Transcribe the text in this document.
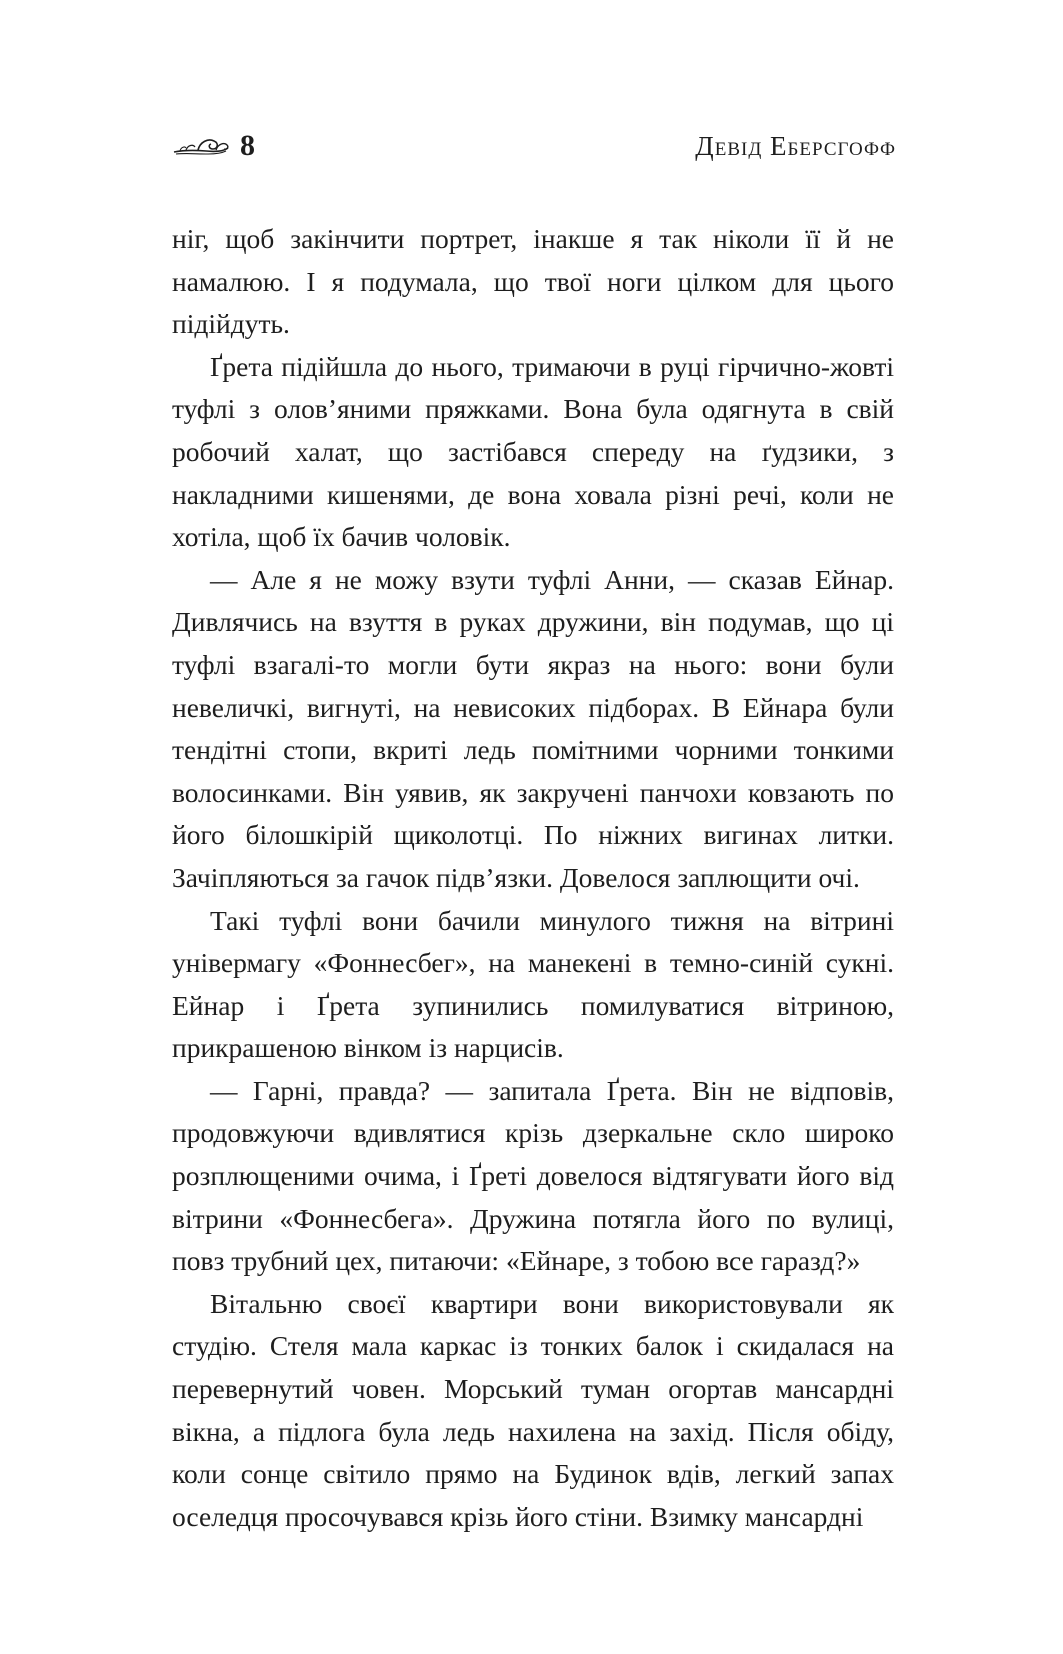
8	Девід Еберсгофф

ніг, щоб закінчити портрет, інакше я так ніколи її й не намалюю. І я подумала, що твої ноги цілком для цього підійдуть.

Ґрета підійшла до нього, тримаючи в руці гірчично-жовті туфлі з олов’яними пряжками. Вона була одягнута в свій робочий халат, що застібався спереду на ґудзики, з накладними кишенями, де вона ховала різні речі, коли не хотіла, щоб їх бачив чоловік.

— Але я не можу взути туфлі Анни, — сказав Ейнар. Дивлячись на взуття в руках дружини, він подумав, що ці туфлі взагалі-то могли бути якраз на нього: вони були невеличкі, вигнуті, на невисоких підборах. В Ейнара були тендітні стопи, вкриті ледь помітними чорними тонкими волосинками. Він уявив, як закручені панчохи ковзають по його білошкірій щиколотці. По ніжних вигинах литки. Зачіпляються за гачок підв’язки. Довелося заплющити очі.

Такі туфлі вони бачили минулого тижня на вітрині універмагу «Фоннесбег», на манекені в темно-синій сукні. Ейнар і Ґрета зупинились помилуватися вітриною, прикрашеною вінком із нарцисів.

— Гарні, правда? — запитала Ґрета. Він не відповів, продовжуючи вдивлятися крізь дзеркальне скло широко розплющеними очима, і Ґреті довелося відтягувати його від вітрини «Фоннесбега». Дружина потягла його по вулиці, повз трубний цех, питаючи: «Ейнаре, з тобою все гаразд?»

Вітальню своєї квартири вони використовували як студію. Стеля мала каркас із тонких балок і скидалася на перевернутий човен. Морський туман огортав мансардні вікна, а підлога була ледь нахилена на захід. Після обіду, коли сонце світило прямо на Будинок вдів, легкий запах оселедця просочувався крізь його стіни. Взимку мансардні
